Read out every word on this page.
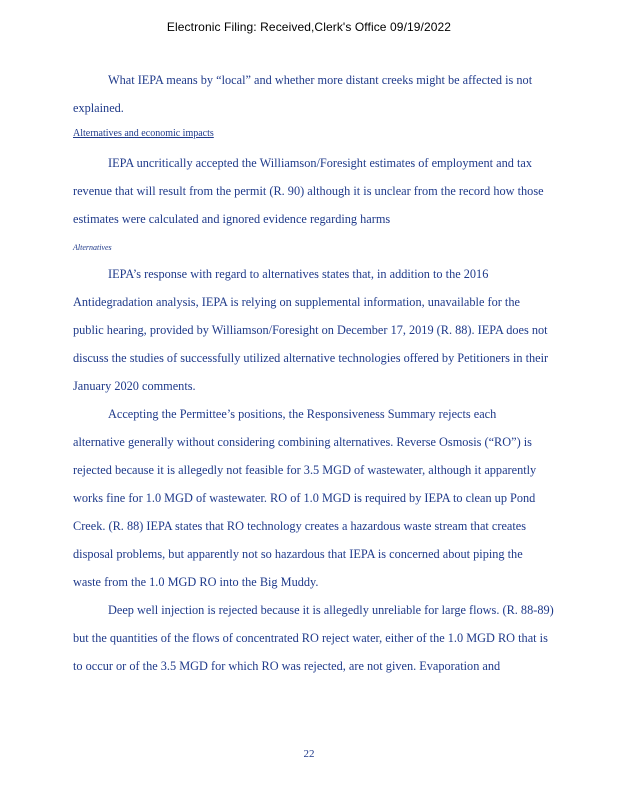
Electronic Filing: Received,Clerk's Office 09/19/2022
What IEPA means by “local” and whether more distant creeks might be affected is not
explained.
Alternatives and economic impacts
IEPA uncritically accepted the Williamson/Foresight estimates of employment and tax
revenue that will result from the permit (R. 90) although it is unclear from the record how those
estimates were calculated and ignored evidence regarding harms
Alternatives
IEPA’s response with regard to alternatives states that, in addition to the 2016
Antidegradation analysis, IEPA is relying on supplemental information, unavailable for the
public hearing, provided by Williamson/Foresight on December 17, 2019 (R. 88). IEPA does not
discuss the studies of successfully utilized alternative technologies offered by Petitioners in their
January 2020 comments.
Accepting the Permittee’s positions, the Responsiveness Summary rejects each
alternative generally without considering combining alternatives. Reverse Osmosis (“RO”) is
rejected because it is allegedly not feasible for 3.5 MGD of wastewater, although it apparently
works fine for 1.0 MGD of wastewater. RO of 1.0 MGD is required by IEPA to clean up Pond
Creek. (R. 88) IEPA states that RO technology creates a hazardous waste stream that creates
disposal problems, but apparently not so hazardous that IEPA is concerned about piping the
waste from the 1.0 MGD RO into the Big Muddy.
Deep well injection is rejected because it is allegedly unreliable for large flows. (R. 88-89)
but the quantities of the flows of concentrated RO reject water, either of the 1.0 MGD RO that is
to occur or of the 3.5 MGD for which RO was rejected, are not given. Evaporation and
22
